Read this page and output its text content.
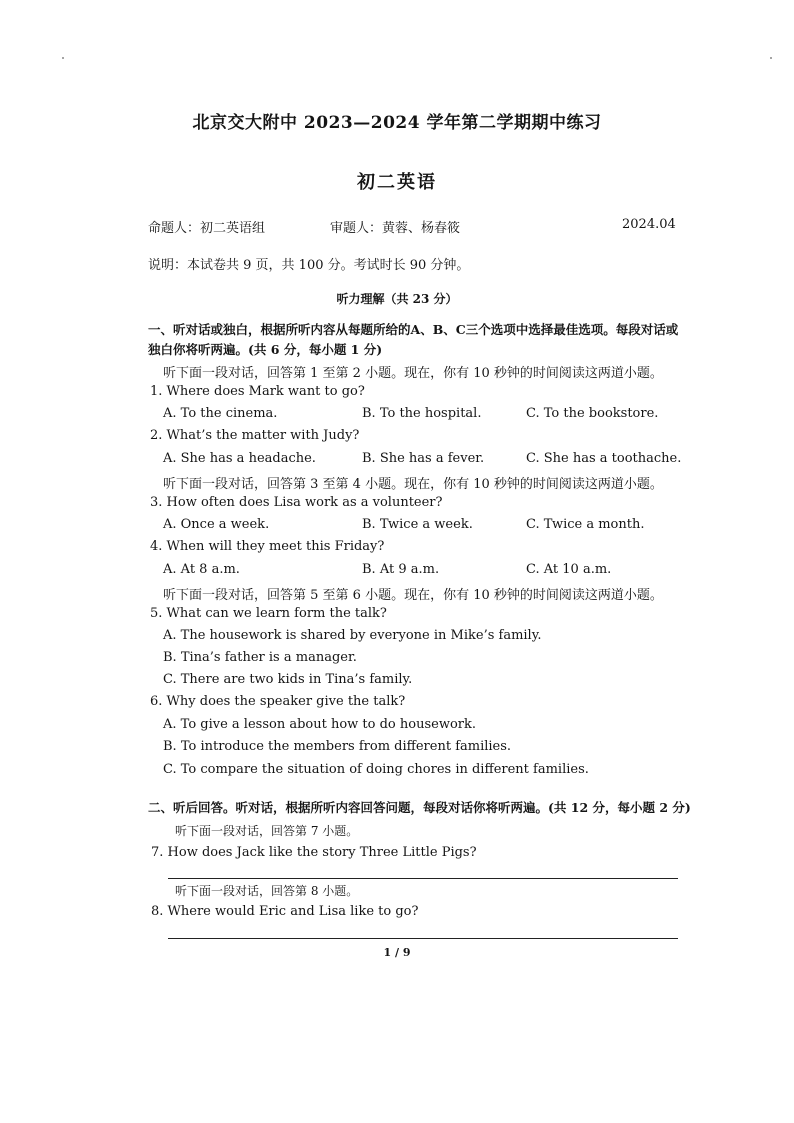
北京交大附中 2023—2024 学年第二学期期中练习
初二英语
命题人：初二英语组	审题人：黄蓉、杨春筱	2024.04
说明：本试卷共 9 页，共 100 分。考试时长 90 分钟。
听力理解（共 23 分）
一、听对话或独白，根据所听内容从每题所给的A、B、C三个选项中选择最佳选项。每段对话或独白你将听两遍。(共 6 分，每小题 1 分)
听下面一段对话，回答第 1 至第 2 小题。现在，你有 10 秒钟的时间阅读这两道小题。
1. Where does Mark want to go?
A. To the cinema.	B. To the hospital.	C. To the bookstore.
2. What’s the matter with Judy?
A. She has a headache.	B. She has a fever.	C. She has a toothache.
听下面一段对话，回答第 3 至第 4 小题。现在，你有 10 秒钟的时间阅读这两道小题。
3. How often does Lisa work as a volunteer?
A. Once a week.	B. Twice a week.	C. Twice a month.
4. When will they meet this Friday?
A. At 8 a.m.	B. At 9 a.m.	C. At 10 a.m.
听下面一段对话，回答第 5 至第 6 小题。现在，你有 10 秒钟的时间阅读这两道小题。
5. What can we learn form the talk?
A. The housework is shared by everyone in Mike’s family.
B. Tina’s father is a manager.
C. There are two kids in Tina’s family.
6. Why does the speaker give the talk?
A. To give a lesson about how to do housework.
B. To introduce the members from different families.
C. To compare the situation of doing chores in different families.
二、听后回答。听对话，根据所听内容回答问题，每段对话你将听两遍。(共 12 分，每小题 2 分)
听下面一段对话，回答第 7 小题。
7. How does Jack like the story Three Little Pigs?
听下面一段对话，回答第 8 小题。
8. Where would Eric and Lisa like to go?
1 / 9
